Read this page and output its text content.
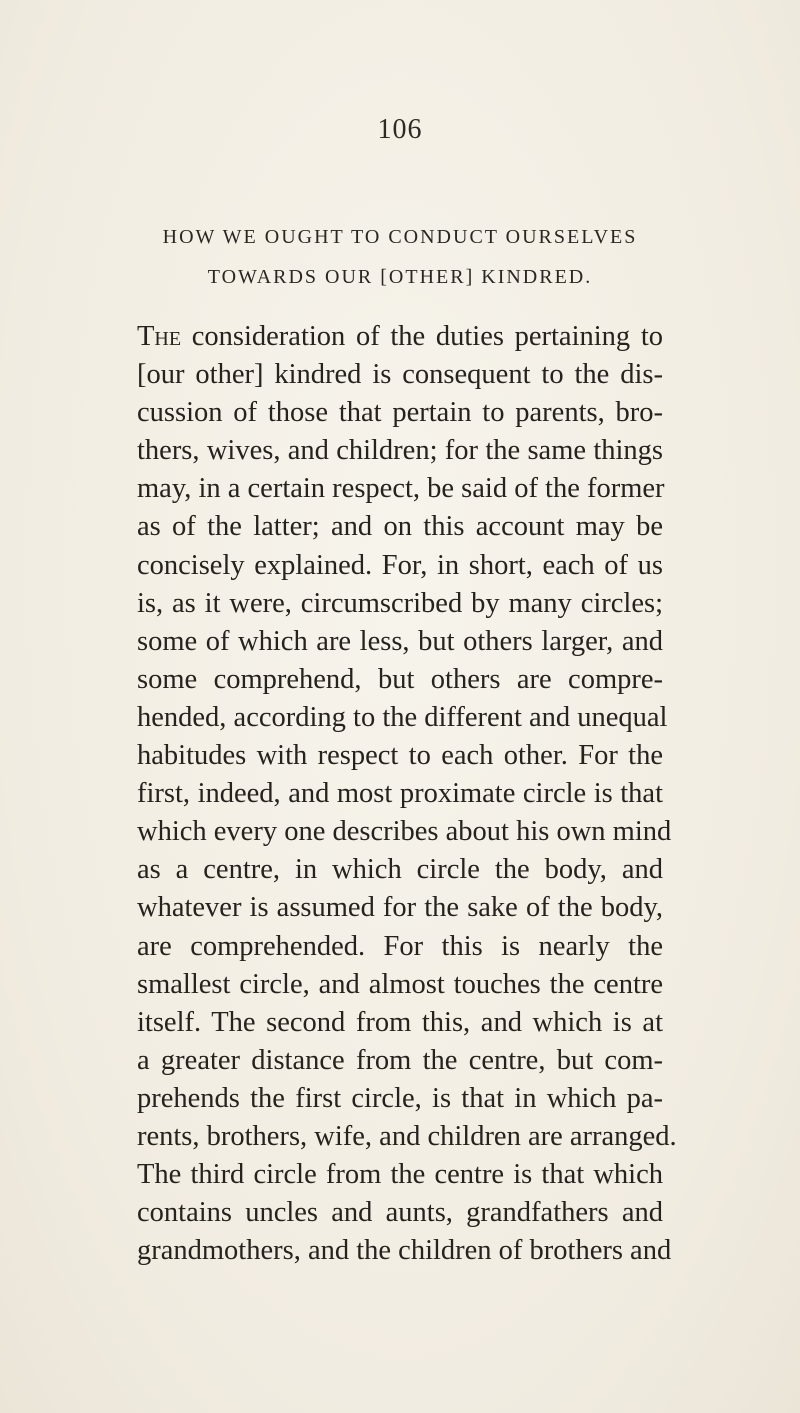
106
HOW WE OUGHT TO CONDUCT OURSELVES
TOWARDS OUR [OTHER] KINDRED.
The consideration of the duties pertaining to
[our other] kindred is consequent to the dis-
cussion of those that pertain to parents, bro-
thers, wives, and children; for the same things
may, in a certain respect, be said of the former
as of the latter; and on this account may be
concisely explained. For, in short, each of us
is, as it were, circumscribed by many circles;
some of which are less, but others larger, and
some comprehend, but others are compre-
hended, according to the different and unequal
habitudes with respect to each other. For the
first, indeed, and most proximate circle is that
which every one describes about his own mind
as a centre, in which circle the body, and
whatever is assumed for the sake of the body,
are comprehended. For this is nearly the
smallest circle, and almost touches the centre
itself. The second from this, and which is at
a greater distance from the centre, but com-
prehends the first circle, is that in which pa-
rents, brothers, wife, and children are arranged.
The third circle from the centre is that which
contains uncles and aunts, grandfathers and
grandmothers, and the children of brothers and
